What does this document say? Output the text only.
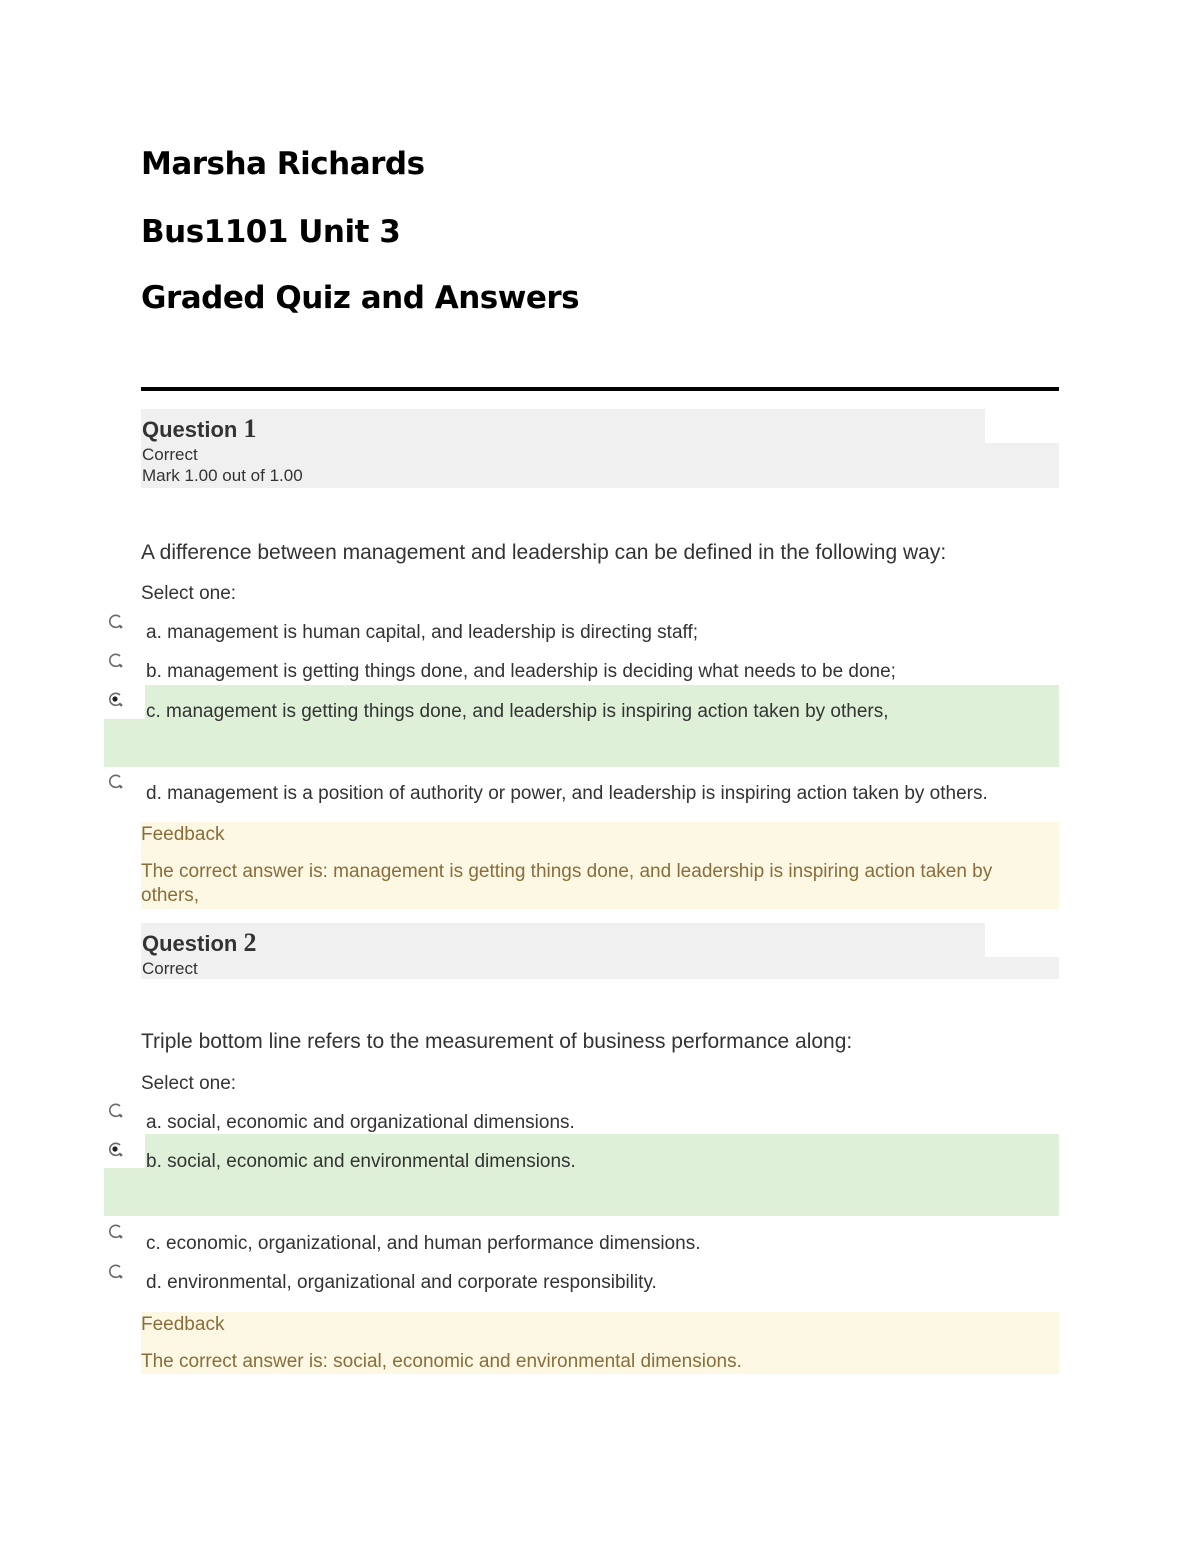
Marsha Richards
Bus1101 Unit 3
Graded Quiz and Answers
Question 1
Correct
Mark 1.00 out of 1.00
A difference between management and leadership can be defined in the following way:
Select one:
a. management is human capital, and leadership is directing staff;
b. management is getting things done, and leadership is deciding what needs to be done;
c. management is getting things done, and leadership is inspiring action taken by others,
d. management is a position of authority or power, and leadership is inspiring action taken by others.
Feedback
The correct answer is: management is getting things done, and leadership is inspiring action taken by others,
Question 2
Correct
Triple bottom line refers to the measurement of business performance along:
Select one:
a. social, economic and organizational dimensions.
b. social, economic and environmental dimensions.
c. economic, organizational, and human performance dimensions.
d. environmental, organizational and corporate responsibility.
Feedback
The correct answer is: social, economic and environmental dimensions.
